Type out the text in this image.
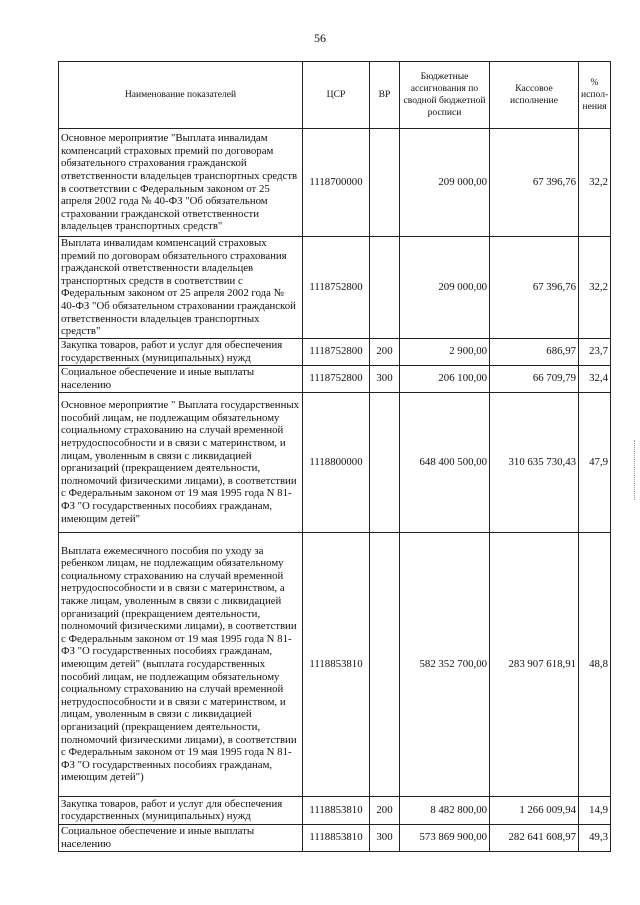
56
Наименование показателей	ЦСР	ВР	Бюджетные ассигнования по сводной бюджетной росписи	Кассовое исполнение	% испол-нения
Основное мероприятие "Выплата инвалидам компенсаций страховых премий по договорам обязательного страхования гражданской ответственности владельцев транспортных средств в соответствии с Федеральным законом от 25 апреля 2002 года № 40-ФЗ "Об обязательном страховании гражданской ответственности владельцев транспортных средств"	1118700000		209 000,00	67 396,76	32,2
Выплата инвалидам компенсаций страховых премий по договорам обязательного страхования гражданской ответственности владельцев транспортных средств в соответствии с Федеральным законом от 25 апреля 2002 года № 40-ФЗ "Об обязательном страховании гражданской ответственности владельцев транспортных средств"	1118752800		209 000,00	67 396,76	32,2
Закупка товаров, работ и услуг для обеспечения государственных (муниципальных) нужд	1118752800	200	2 900,00	686,97	23,7
Социальное обеспечение и иные выплаты населению	1118752800	300	206 100,00	66 709,79	32,4
Основное мероприятие " Выплата государственных пособий лицам, не подлежащим обязательному социальному страхованию на случай временной нетрудоспособности и в связи с материнством, и лицам, уволенным в связи с ликвидацией организаций (прекращением деятельности, полномочий физическими лицами), в соответствии с Федеральным законом от 19 мая 1995 года N 81-ФЗ "О государственных пособиях гражданам, имеющим детей"	1118800000		648 400 500,00	310 635 730,43	47,9
Выплата ежемесячного пособия по уходу за ребенком лицам, не подлежащим обязательному социальному страхованию на случай временной нетрудоспособности и в связи с материнством, а также лицам, уволенным в связи с ликвидацией организаций (прекращением деятельности, полномочий физическими лицами), в соответствии с Федеральным законом от 19 мая 1995 года N 81-ФЗ "О государственных пособиях гражданам, имеющим детей" (выплата государственных пособий лицам, не подлежащим обязательному социальному страхованию на случай временной нетрудоспособности и в связи с материнством, и лицам, уволенным в связи с ликвидацией организаций (прекращением деятельности, полномочий физическими лицами), в соответствии с Федеральным законом от 19 мая 1995 года N 81-ФЗ "О государственных пособиях гражданам, имеющим детей")	1118853810		582 352 700,00	283 907 618,91	48,8
Закупка товаров, работ и услуг для обеспечения государственных (муниципальных) нужд	1118853810	200	8 482 800,00	1 266 009,94	14,9
Социальное обеспечение и иные выплаты населению	1118853810	300	573 869 900,00	282 641 608,97	49,3
